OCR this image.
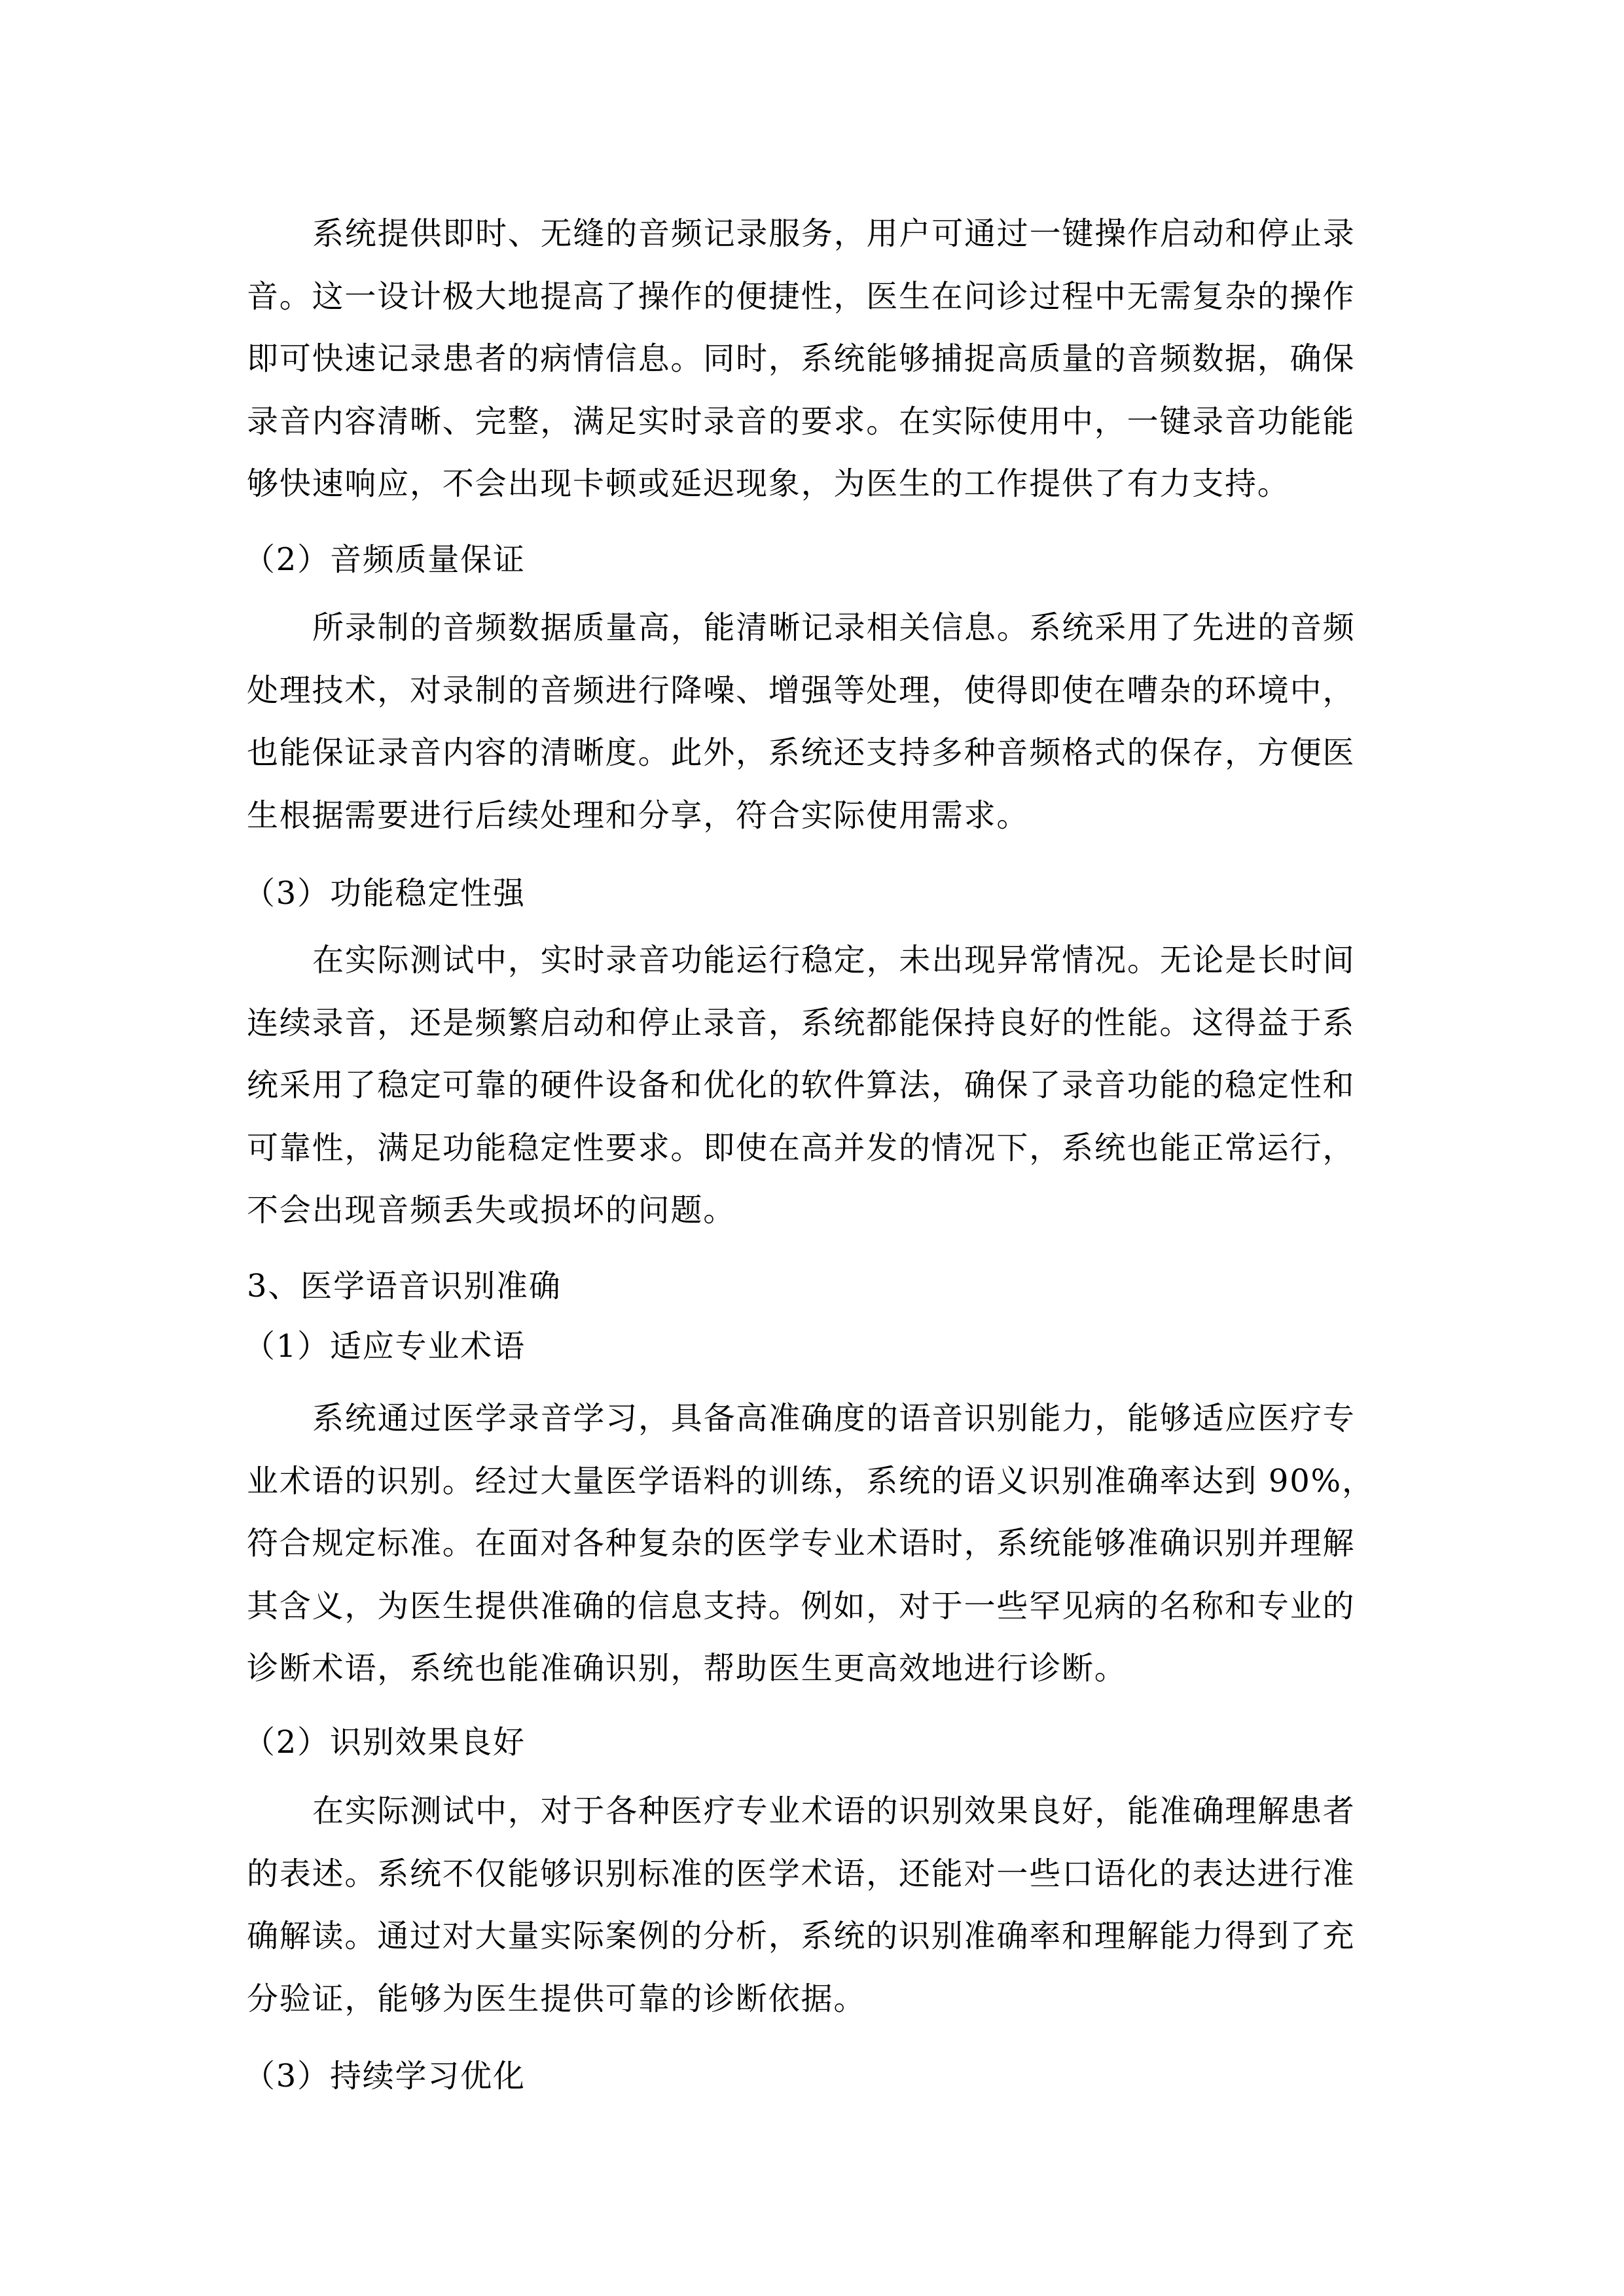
系统提供即时、无缝的音频记录服务，用户可通过一键操作启动和停止录
音。这一设计极大地提高了操作的便捷性，医生在问诊过程中无需复杂的操作
即可快速记录患者的病情信息。同时，系统能够捕捉高质量的音频数据，确保
录音内容清晰、完整，满足实时录音的要求。在实际使用中，一键录音功能能
够快速响应，不会出现卡顿或延迟现象，为医生的工作提供了有力支持。
（2）音频质量保证
所录制的音频数据质量高，能清晰记录相关信息。系统采用了先进的音频
处理技术，对录制的音频进行降噪、增强等处理，使得即使在嘈杂的环境中，
也能保证录音内容的清晰度。此外，系统还支持多种音频格式的保存，方便医
生根据需要进行后续处理和分享，符合实际使用需求。
（3）功能稳定性强
在实际测试中，实时录音功能运行稳定，未出现异常情况。无论是长时间
连续录音，还是频繁启动和停止录音，系统都能保持良好的性能。这得益于系
统采用了稳定可靠的硬件设备和优化的软件算法，确保了录音功能的稳定性和
可靠性，满足功能稳定性要求。即使在高并发的情况下，系统也能正常运行，
不会出现音频丢失或损坏的问题。
3、医学语音识别准确
（1）适应专业术语
系统通过医学录音学习，具备高准确度的语音识别能力，能够适应医疗专
业术语的识别。经过大量医学语料的训练，系统的语义识别准确率达到 90%，
符合规定标准。在面对各种复杂的医学专业术语时，系统能够准确识别并理解
其含义，为医生提供准确的信息支持。例如，对于一些罕见病的名称和专业的
诊断术语，系统也能准确识别，帮助医生更高效地进行诊断。
（2）识别效果良好
在实际测试中，对于各种医疗专业术语的识别效果良好，能准确理解患者
的表述。系统不仅能够识别标准的医学术语，还能对一些口语化的表达进行准
确解读。通过对大量实际案例的分析，系统的识别准确率和理解能力得到了充
分验证，能够为医生提供可靠的诊断依据。
（3）持续学习优化
